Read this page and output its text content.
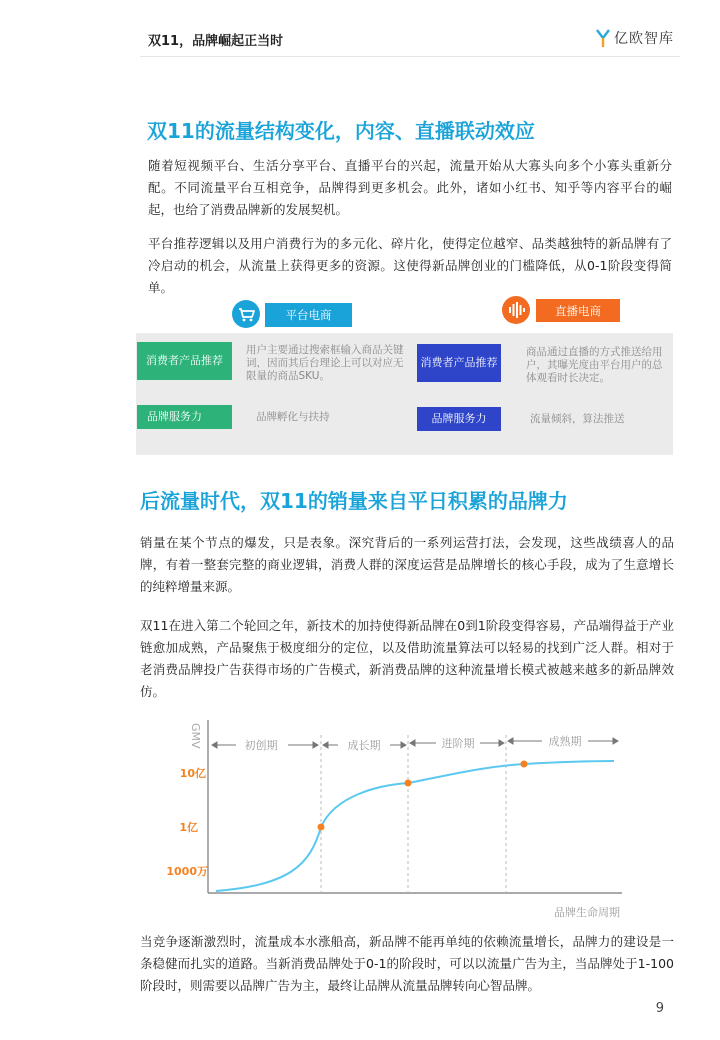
双11，品牌崛起正当时	亿欧智库
双11的流量结构变化，内容、直播联动效应
随着短视频平台、生活分享平台、直播平台的兴起，流量开始从大寡头向多个小寡头重新分配。不同流量平台互相竞争，品牌得到更多机会。此外，诸如小红书、知乎等内容平台的崛起，也给了消费品牌新的发展契机。
平台推荐逻辑以及用户消费行为的多元化、碎片化，使得定位越窄、品类越独特的新品牌有了冷启动的机会，从流量上获得更多的资源。这使得新品牌创业的门槛降低，从0-1阶段变得简单。
平台电商	直播电商
消费者产品推荐
用户主要通过搜索框输入商品关键词，因而其后台理论上可以对应无限量的商品SKU。
品牌服务力	品牌孵化与扶持
消费者产品推荐
商品通过直播的方式推送给用户，其曝光度由平台用户的总体观看时长决定。
品牌服务力	流量倾斜，算法推送
后流量时代，双11的销量来自平日积累的品牌力
销量在某个节点的爆发，只是表象。深究背后的一系列运营打法，会发现，这些战绩喜人的品牌，有着一整套完整的商业逻辑，消费人群的深度运营是品牌增长的核心手段，成为了生意增长的纯粹增量来源。
双11在进入第二个轮回之年，新技术的加持使得新品牌在0到1阶段变得容易，产品端得益于产业链愈加成熟，产品聚焦于极度细分的定位，以及借助流量算法可以轻易的找到广泛人群。相对于老消费品牌投广告获得市场的广告模式，新消费品牌的这种流量增长模式被越来越多的新品牌效仿。
GMV
10亿
1亿
1000万
初创期	成长期	进阶期	成熟期
品牌生命周期
当竞争逐渐激烈时，流量成本水涨船高，新品牌不能再单纯的依赖流量增长，品牌力的建设是一条稳健而扎实的道路。当新消费品牌处于0-1的阶段时，可以以流量广告为主，当品牌处于1-100阶段时，则需要以品牌广告为主，最终让品牌从流量品牌转向心智品牌。
9
